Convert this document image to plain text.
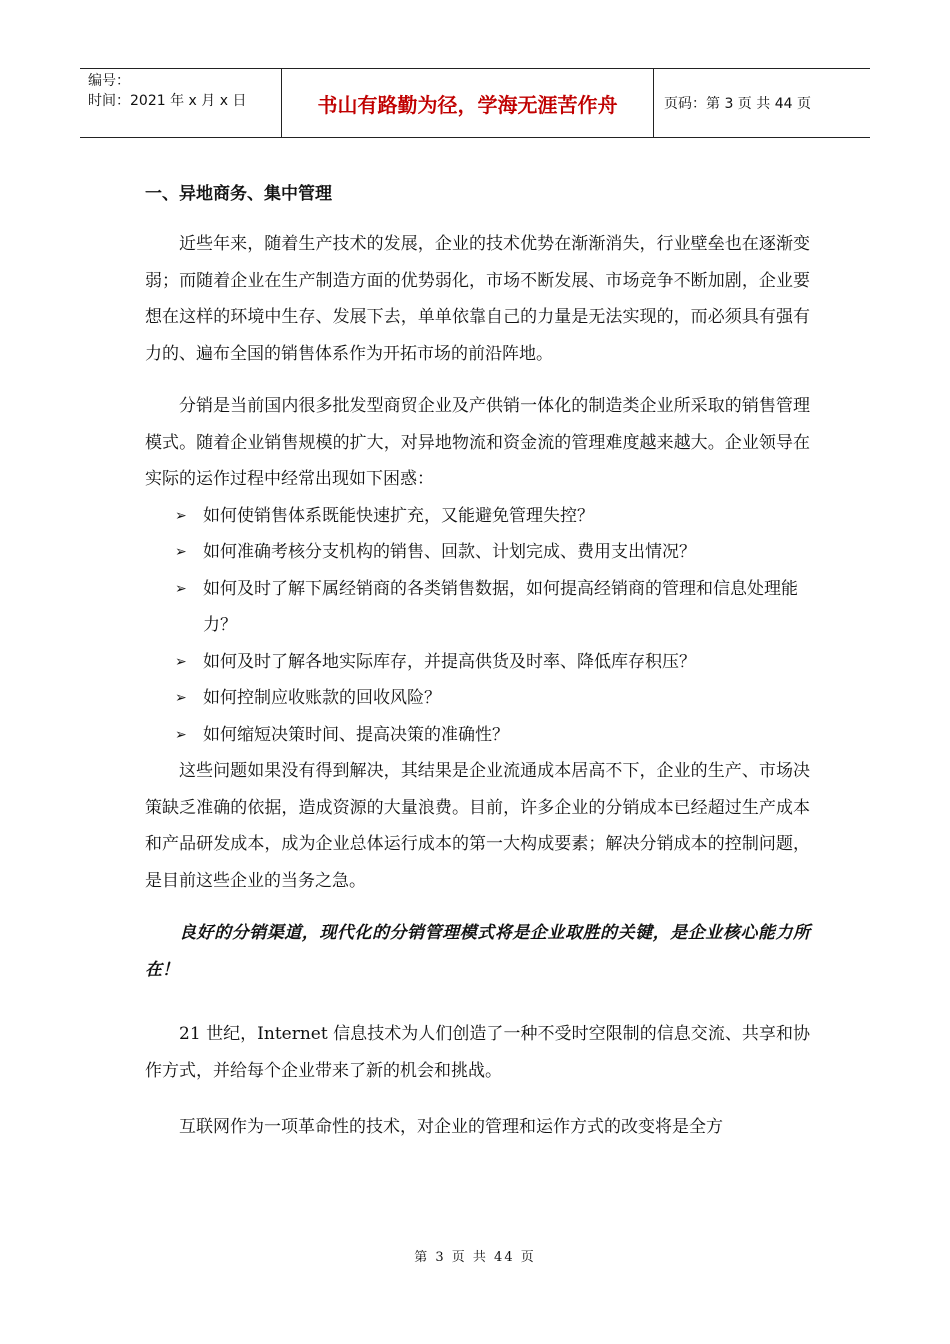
编号：
时间：2021 年 x 月 x 日	书山有路勤为径，学海无涯苦作舟	页码：第 3 页 共 44 页
一、异地商务、集中管理

近些年来，随着生产技术的发展，企业的技术优势在渐渐消失，行业壁垒也在逐渐变弱；而随着企业在生产制造方面的优势弱化，市场不断发展、市场竞争不断加剧，企业要想在这样的环境中生存、发展下去，单单依靠自己的力量是无法实现的，而必须具有强有力的、遍布全国的销售体系作为开拓市场的前沿阵地。

分销是当前国内很多批发型商贸企业及产供销一体化的制造类企业所采取的销售管理模式。随着企业销售规模的扩大，对异地物流和资金流的管理难度越来越大。企业领导在实际的运作过程中经常出现如下困惑：

➢ 如何使销售体系既能快速扩充，又能避免管理失控？
➢ 如何准确考核分支机构的销售、回款、计划完成、费用支出情况？
➢ 如何及时了解下属经销商的各类销售数据，如何提高经销商的管理和信息处理能力？
➢ 如何及时了解各地实际库存，并提高供货及时率、降低库存积压？
➢ 如何控制应收账款的回收风险？
➢ 如何缩短决策时间、提高决策的准确性？

这些问题如果没有得到解决，其结果是企业流通成本居高不下，企业的生产、市场决策缺乏准确的依据，造成资源的大量浪费。目前，许多企业的分销成本已经超过生产成本和产品研发成本，成为企业总体运行成本的第一大构成要素；解决分销成本的控制问题，是目前这些企业的当务之急。

良好的分销渠道，现代化的分销管理模式将是企业取胜的关键，是企业核心能力所在！

21 世纪，Internet 信息技术为人们创造了一种不受时空限制的信息交流、共享和协作方式，并给每个企业带来了新的机会和挑战。

互联网作为一项革命性的技术，对企业的管理和运作方式的改变将是全方

第 3 页 共 44 页
